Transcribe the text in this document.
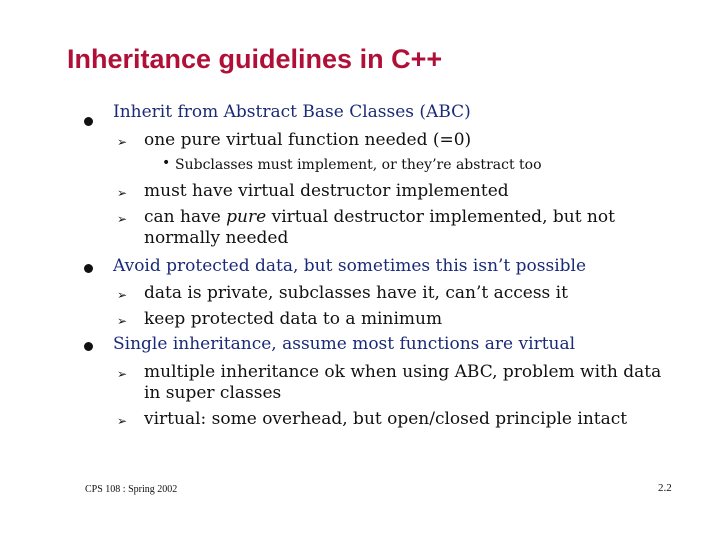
Inheritance guidelines in C++
Inherit from Abstract Base Classes (ABC)
➢ one pure virtual function needed (=0)
• Subclasses must implement, or they’re abstract too
➢ must have virtual destructor implemented
➢ can have pure virtual destructor implemented, but not normally needed
Avoid protected data, but sometimes this isn’t possible
➢ data is private, subclasses have it, can’t access it
➢ keep protected data to a minimum
Single inheritance, assume most functions are virtual
➢ multiple inheritance ok when using ABC, problem with data in super classes
➢ virtual: some overhead, but open/closed principle intact
CPS 108 : Spring 2002	2.2
